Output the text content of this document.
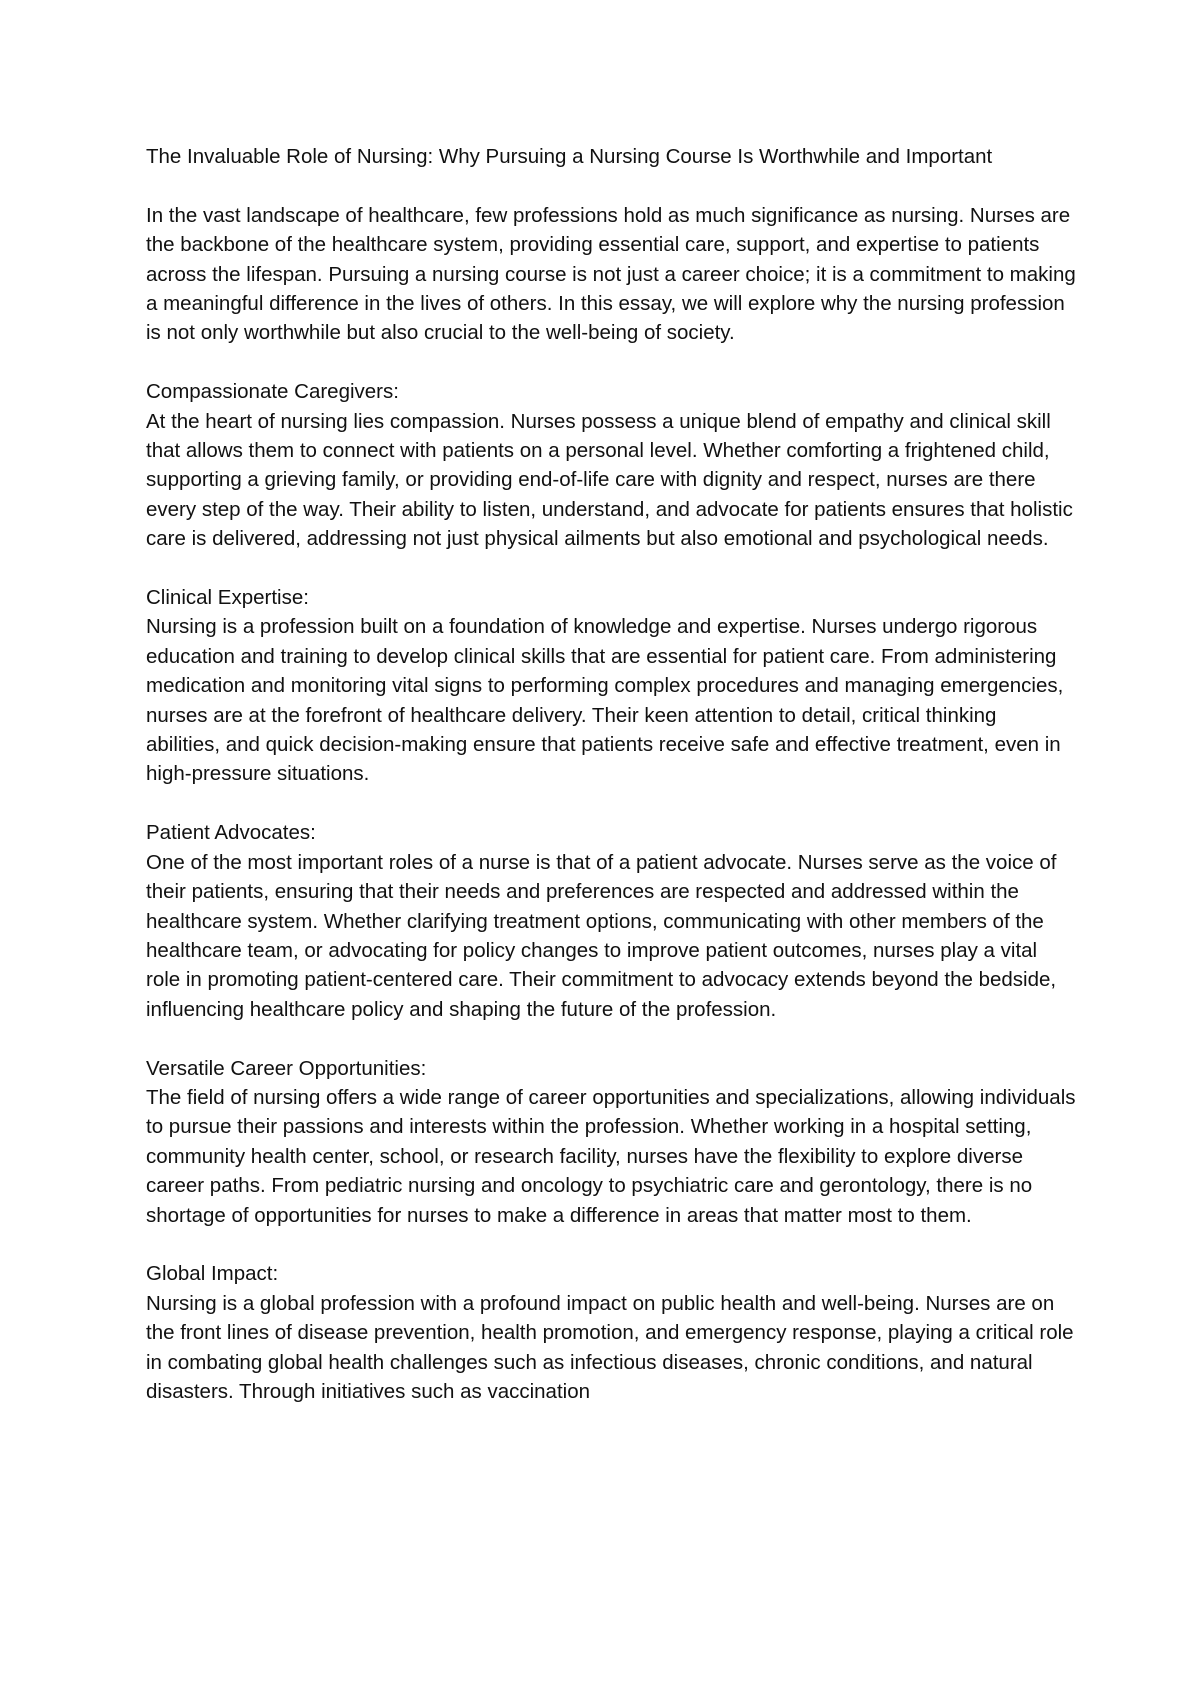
The Invaluable Role of Nursing: Why Pursuing a Nursing Course Is Worthwhile and Important

In the vast landscape of healthcare, few professions hold as much significance as nursing. Nurses are the backbone of the healthcare system, providing essential care, support, and expertise to patients across the lifespan. Pursuing a nursing course is not just a career choice; it is a commitment to making a meaningful difference in the lives of others. In this essay, we will explore why the nursing profession is not only worthwhile but also crucial to the well-being of society.

Compassionate Caregivers:

At the heart of nursing lies compassion. Nurses possess a unique blend of empathy and clinical skill that allows them to connect with patients on a personal level. Whether comforting a frightened child, supporting a grieving family, or providing end-of-life care with dignity and respect, nurses are there every step of the way. Their ability to listen, understand, and advocate for patients ensures that holistic care is delivered, addressing not just physical ailments but also emotional and psychological needs.

Clinical Expertise:

Nursing is a profession built on a foundation of knowledge and expertise. Nurses undergo rigorous education and training to develop clinical skills that are essential for patient care. From administering medication and monitoring vital signs to performing complex procedures and managing emergencies, nurses are at the forefront of healthcare delivery. Their keen attention to detail, critical thinking abilities, and quick decision-making ensure that patients receive safe and effective treatment, even in high-pressure situations.

Patient Advocates:

One of the most important roles of a nurse is that of a patient advocate. Nurses serve as the voice of their patients, ensuring that their needs and preferences are respected and addressed within the healthcare system. Whether clarifying treatment options, communicating with other members of the healthcare team, or advocating for policy changes to improve patient outcomes, nurses play a vital role in promoting patient-centered care. Their commitment to advocacy extends beyond the bedside, influencing healthcare policy and shaping the future of the profession.

Versatile Career Opportunities:

The field of nursing offers a wide range of career opportunities and specializations, allowing individuals to pursue their passions and interests within the profession. Whether working in a hospital setting, community health center, school, or research facility, nurses have the flexibility to explore diverse career paths. From pediatric nursing and oncology to psychiatric care and gerontology, there is no shortage of opportunities for nurses to make a difference in areas that matter most to them.

Global Impact:

Nursing is a global profession with a profound impact on public health and well-being. Nurses are on the front lines of disease prevention, health promotion, and emergency response, playing a critical role in combating global health challenges such as infectious diseases, chronic conditions, and natural disasters. Through initiatives such as vaccination
